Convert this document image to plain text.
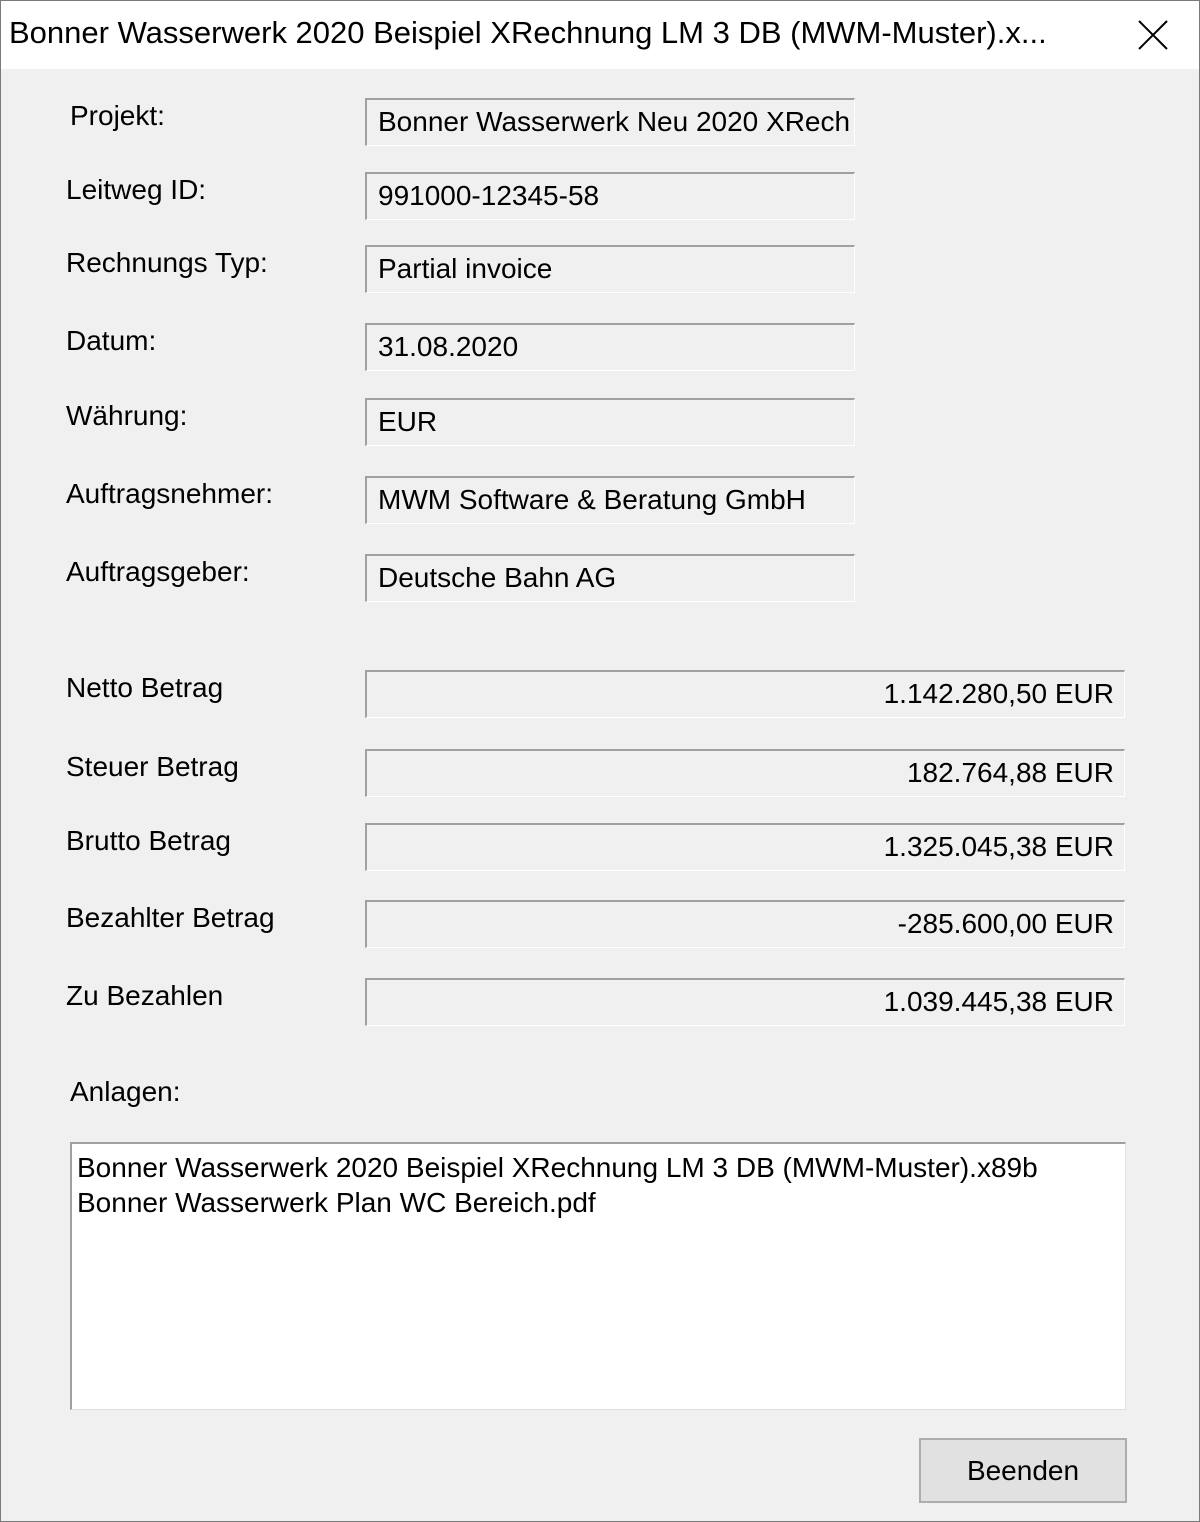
Bonner Wasserwerk 2020 Beispiel XRechnung LM 3 DB (MWM-Muster).x...
Projekt:	Bonner Wasserwerk Neu 2020 XRech
Leitweg ID:	991000-12345-58
Rechnungs Typ:	Partial invoice
Datum:	31.08.2020
Währung:	EUR
Auftragsnehmer:	MWM Software & Beratung GmbH
Auftragsgeber:	Deutsche Bahn AG
Netto Betrag	1.142.280,50 EUR
Steuer Betrag	182.764,88 EUR
Brutto Betrag	1.325.045,38 EUR
Bezahlter Betrag	-285.600,00 EUR
Zu Bezahlen	1.039.445,38 EUR
Anlagen:
Bonner Wasserwerk 2020 Beispiel XRechnung LM 3 DB (MWM-Muster).x89b
Bonner Wasserwerk Plan WC Bereich.pdf
Beenden
